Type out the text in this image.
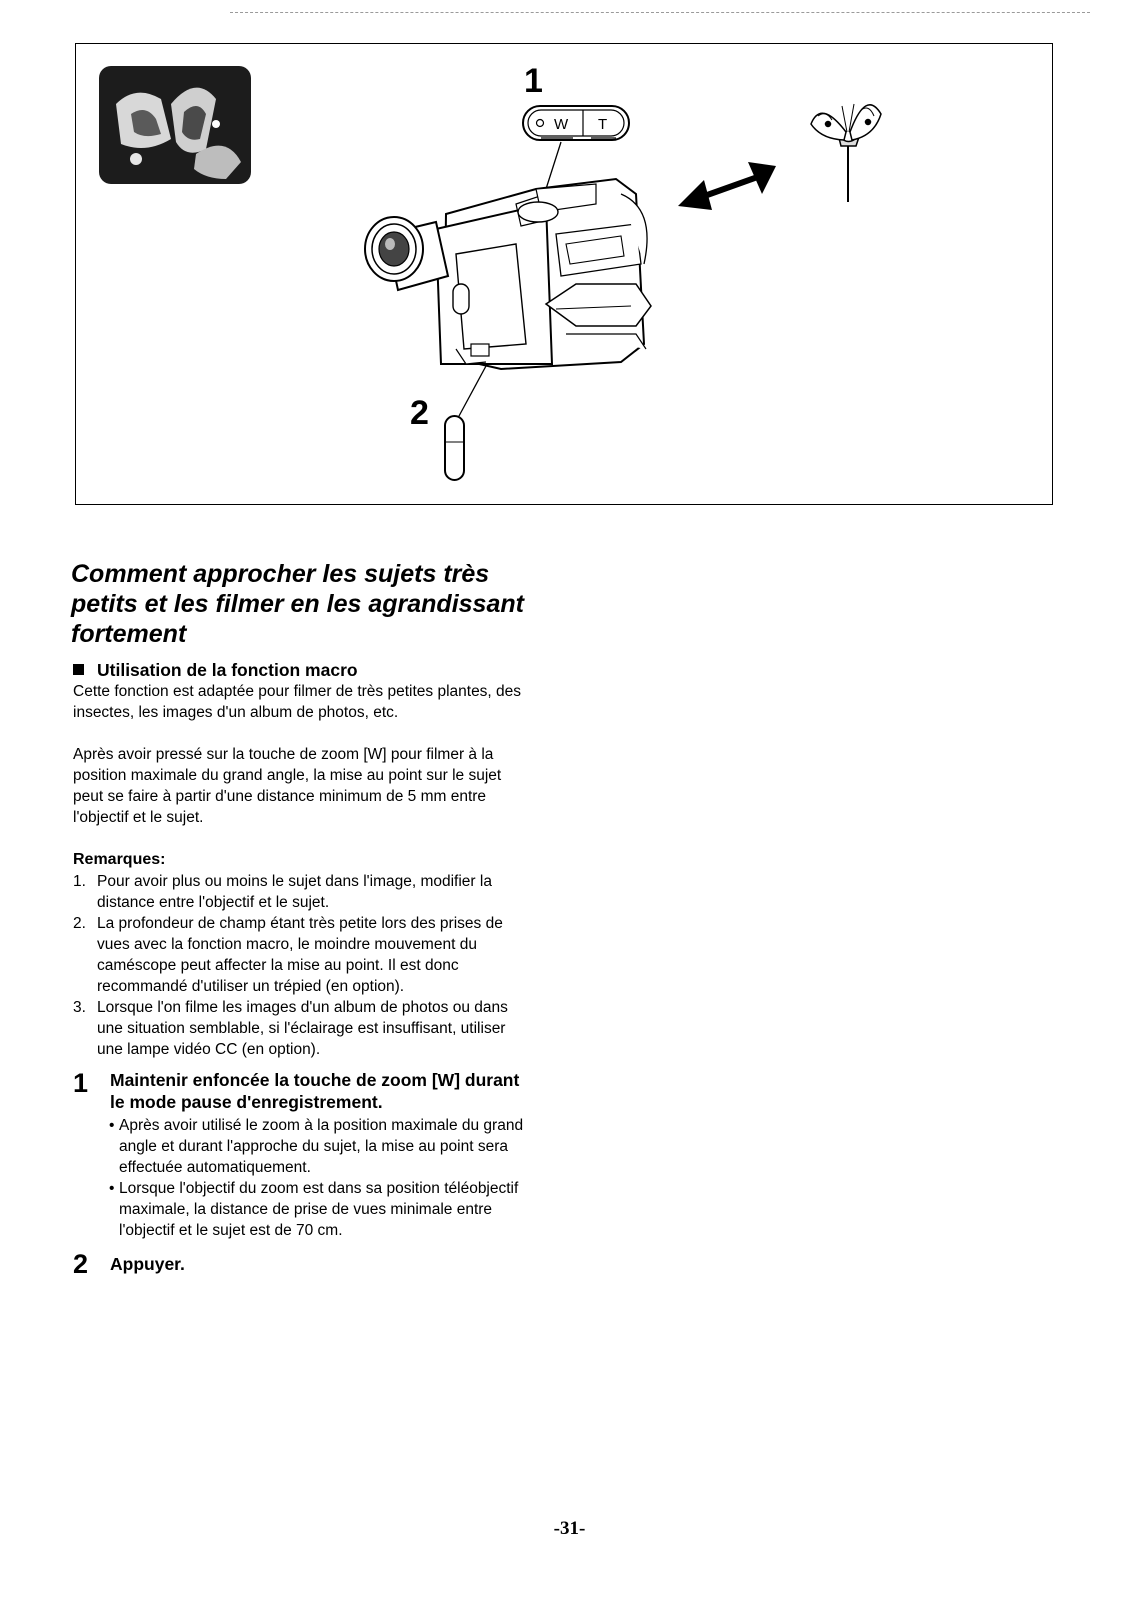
W T
1
2
Comment approcher les sujets très petits et les filmer en les agrandissant fortement
Utilisation de la fonction macro

Cette fonction est adaptée pour filmer de très petites plantes, des insectes, les images d'un album de photos, etc.

Après avoir pressé sur la touche de zoom [W] pour filmer à la position maximale du grand angle, la mise au point sur le sujet peut se faire à partir d'une distance minimum de 5 mm entre l'objectif et le sujet.

Remarques:
1. Pour avoir plus ou moins le sujet dans l'image, modifier la distance entre l'objectif et le sujet.
2. La profondeur de champ étant très petite lors des prises de vues avec la fonction macro, le moindre mouvement du caméscope peut affecter la mise au point. Il est donc recommandé d'utiliser un trépied (en option).
3. Lorsque l'on filme les images d'un album de photos ou dans une situation semblable, si l'éclairage est insuffisant, utiliser une lampe vidéo CC (en option).
1 Maintenir enfoncée la touche de zoom [W] durant le mode pause d'enregistrement.

• Après avoir utilisé le zoom à la position maximale du grand angle et durant l'approche du sujet, la mise au point sera effectuée automatiquement.
• Lorsque l'objectif du zoom est dans sa position téléobjectif maximale, la distance de prise de vues minimale entre l'objectif et le sujet est de 70 cm.
2 Appuyer.

-31-
